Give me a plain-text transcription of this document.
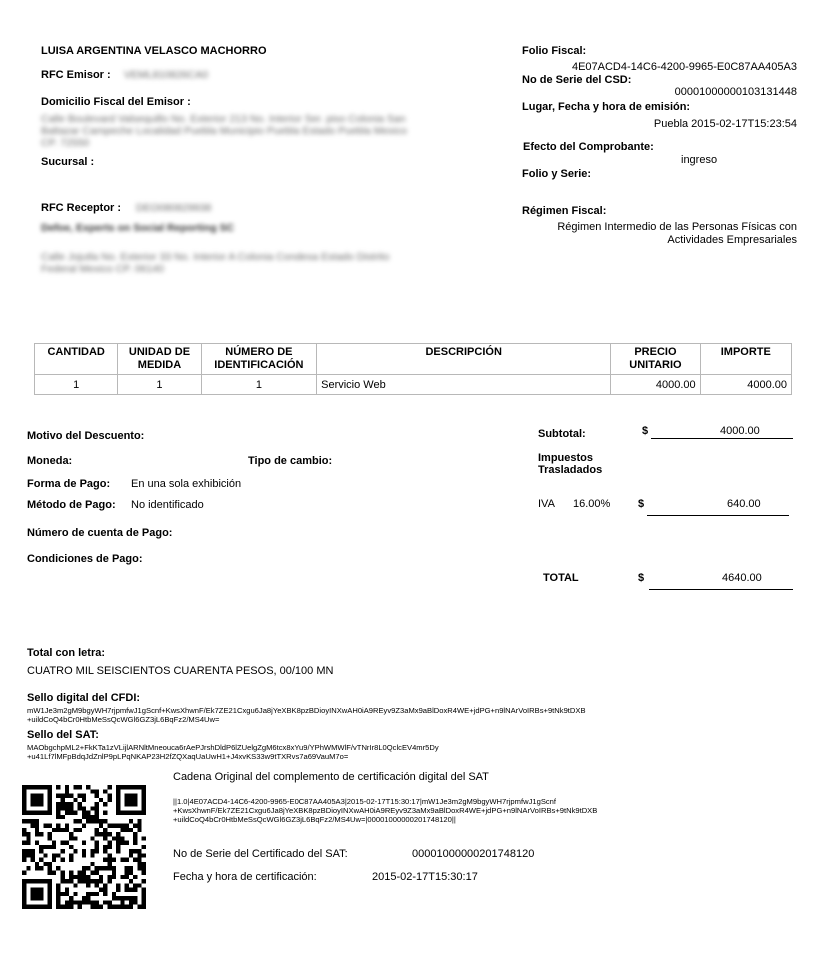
LUISA ARGENTINA VELASCO MACHORRO
RFC Emisor : VEML810826CA0
Domicilio Fiscal del Emisor :
Calle Boulevard Valsequillo No. Exterior 213 No. Interior Ser. piso Colonia San
Baltazar Campeche Localidad Puebla Municipio Puebla Estado Puebla Mexico
CP. 72550
Sucursal :
RFC Receptor : DEO080829938
Defoe, Experts on Social Reporting SC
Calle Jojutla No. Exterior 33 No. Interior A Colonia Condesa Estado Distrito
Federal Mexico CP. 06140
Folio Fiscal:
4E07ACD4-14C6-4200-9965-E0C87AA405A3
No de Serie del CSD:
00001000000103131448
Lugar, Fecha y hora de emisión:
Puebla 2015-02-17T15:23:54
Efecto del Comprobante:
ingreso
Folio y Serie:
Régimen Fiscal:
Régimen Intermedio de las Personas Físicas con
Actividades Empresariales
CANTIDAD	UNIDAD DE MEDIDA	NÚMERO DE IDENTIFICACIÓN	DESCRIPCIÓN	PRECIO UNITARIO	IMPORTE
1	1	1	Servicio Web	4000.00	4000.00
Motivo del Descuento:
Moneda:	Tipo de cambio:
Forma de Pago: En una sola exhibición
Método de Pago: No identificado
Número de cuenta de Pago:
Condiciones de Pago:
Subtotal:	$	4000.00
Impuestos
Trasladados
IVA 16.00%	$	640.00
TOTAL	$	4640.00
Total con letra:
CUATRO MIL SEISCIENTOS CUARENTA PESOS, 00/100 MN
Sello digital del CFDI:
mW1Je3m2gM9bgyWH7rjpmfwJ1gScnf+KwsXhwnF/Ek7ZE21Cxgu6Ja8jYeXBK8pzBDioyINXwAH0iA9REyv9Z3aMx9aBlDoxR4WE+jdPG+n9lNArVoIRBs+9tNk9tDXB
+uildCoQ4bCr0HtbMeSsQcWGl6GZ3jL6BqFz2/MS4Uw=
Sello del SAT:
MAObgchpML2+FkKTa1zVLijlARNltMneouca6rAePJrshDldP6lZUelgZgM6tcx8xYu9/YPhWMWlF/vTNrIr8L0QclcEV4mr5Dy
+u41Lf7lMFpBdqJdZnlP9pLPqNKAP23H2fZQXaqUaUwH1+J4xvKS33w9tTXRvs7a69VauM7o=
Cadena Original del complemento de certificación digital del SAT
||1.0|4E07ACD4-14C6-4200-9965-E0C87AA405A3|2015-02-17T15:30:17|mW1Je3m2gM9bgyWH7rjpmfwJ1gScnf
+KwsXhwnF/Ek7ZE21Cxgu6Ja8jYeXBK8pzBDioyINXwAH0iA9REyv9Z3aMx9aBlDoxR4WE+jdPG+n9lNArVoIRBs+9tNk9tDXB
+uildCoQ4bCr0HtbMeSsQcWGl6GZ3jL6BqFz2/MS4Uw=|00001000000201748120||
No de Serie del Certificado del SAT:	00001000000201748120
Fecha y hora de certificación:	2015-02-17T15:30:17
